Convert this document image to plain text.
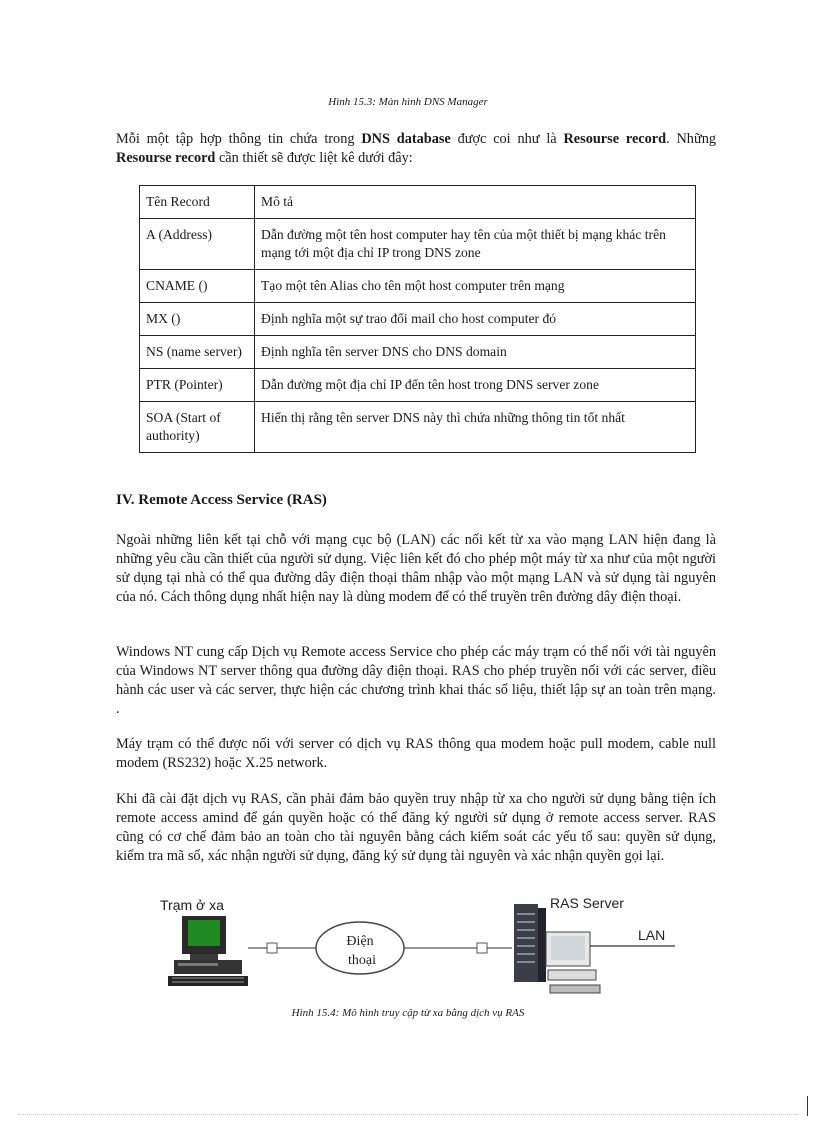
Hình 15.3: Màn hình DNS Manager

Mỗi một tập hợp thông tin chứa trong DNS database được coi như là Resourse record. Những Resourse record cần thiết sẽ được liệt kê dưới đây:

Tên Record	Mô tả
A (Address)	Dẫn đường một tên host computer hay tên của một thiết bị mạng khác trên mạng tới một địa chỉ IP trong DNS zone
CNAME ()	Tạo một tên Alias cho tên một host computer trên mạng
MX ()	Định nghĩa một sự trao đổi mail cho host computer đó
NS (name server)	Định nghĩa tên server DNS cho DNS domain
PTR (Pointer)	Dẫn đường một địa chỉ IP đến tên host trong DNS server zone
SOA (Start of authority)	Hiển thị rằng tên server DNS này thì chứa những thông tin tốt nhất
IV. Remote Access Service (RAS)

Ngoài những liên kết tại chỗ với mạng cục bộ (LAN) các nối kết từ xa vào mạng LAN hiện đang là những yêu cầu cần thiết của người sử dụng. Việc liên kết đó cho phép một máy từ xa như của một người sử dụng tại nhà có thể qua đường dây điện thoại thâm nhập vào một mạng LAN và sử dụng tài nguyên của nó. Cách thông dụng nhất hiện nay là dùng modem để có thể truyền trên đường dây điện thoại.

Windows NT cung cấp Dịch vụ Remote access Service cho phép các máy trạm có thể nối với tài nguyên của Windows NT server thông qua đường dây điện thoại. RAS cho phép truyền nối với các server, điều hành các user và các server, thực hiện các chương trình khai thác số liệu, thiết lập sự an toàn trên mạng. .

Máy trạm có thể được nối với server có dịch vụ RAS thông qua modem hoặc pull modem, cable null modem (RS232) hoặc X.25 network.

Khi đã cài đặt dịch vụ RAS, cần phải đảm bảo quyền truy nhập từ xa cho người sử dụng bằng tiện ích remote access amind để gán quyền hoặc có thể đăng ký người sử dụng ở remote access server. RAS cũng có cơ chế đảm bảo an toàn cho tài nguyên bằng cách kiểm soát các yếu tố sau: quyền sử dụng, kiểm tra mã số, xác nhận người sử dụng, đăng ký sử dụng tài nguyên và xác nhận quyền gọi lại.

Trạm ở xa
Điện
thoại
RAS Server
LAN
Hình 15.4: Mô hình truy cập từ xa bằng dịch vụ RAS
